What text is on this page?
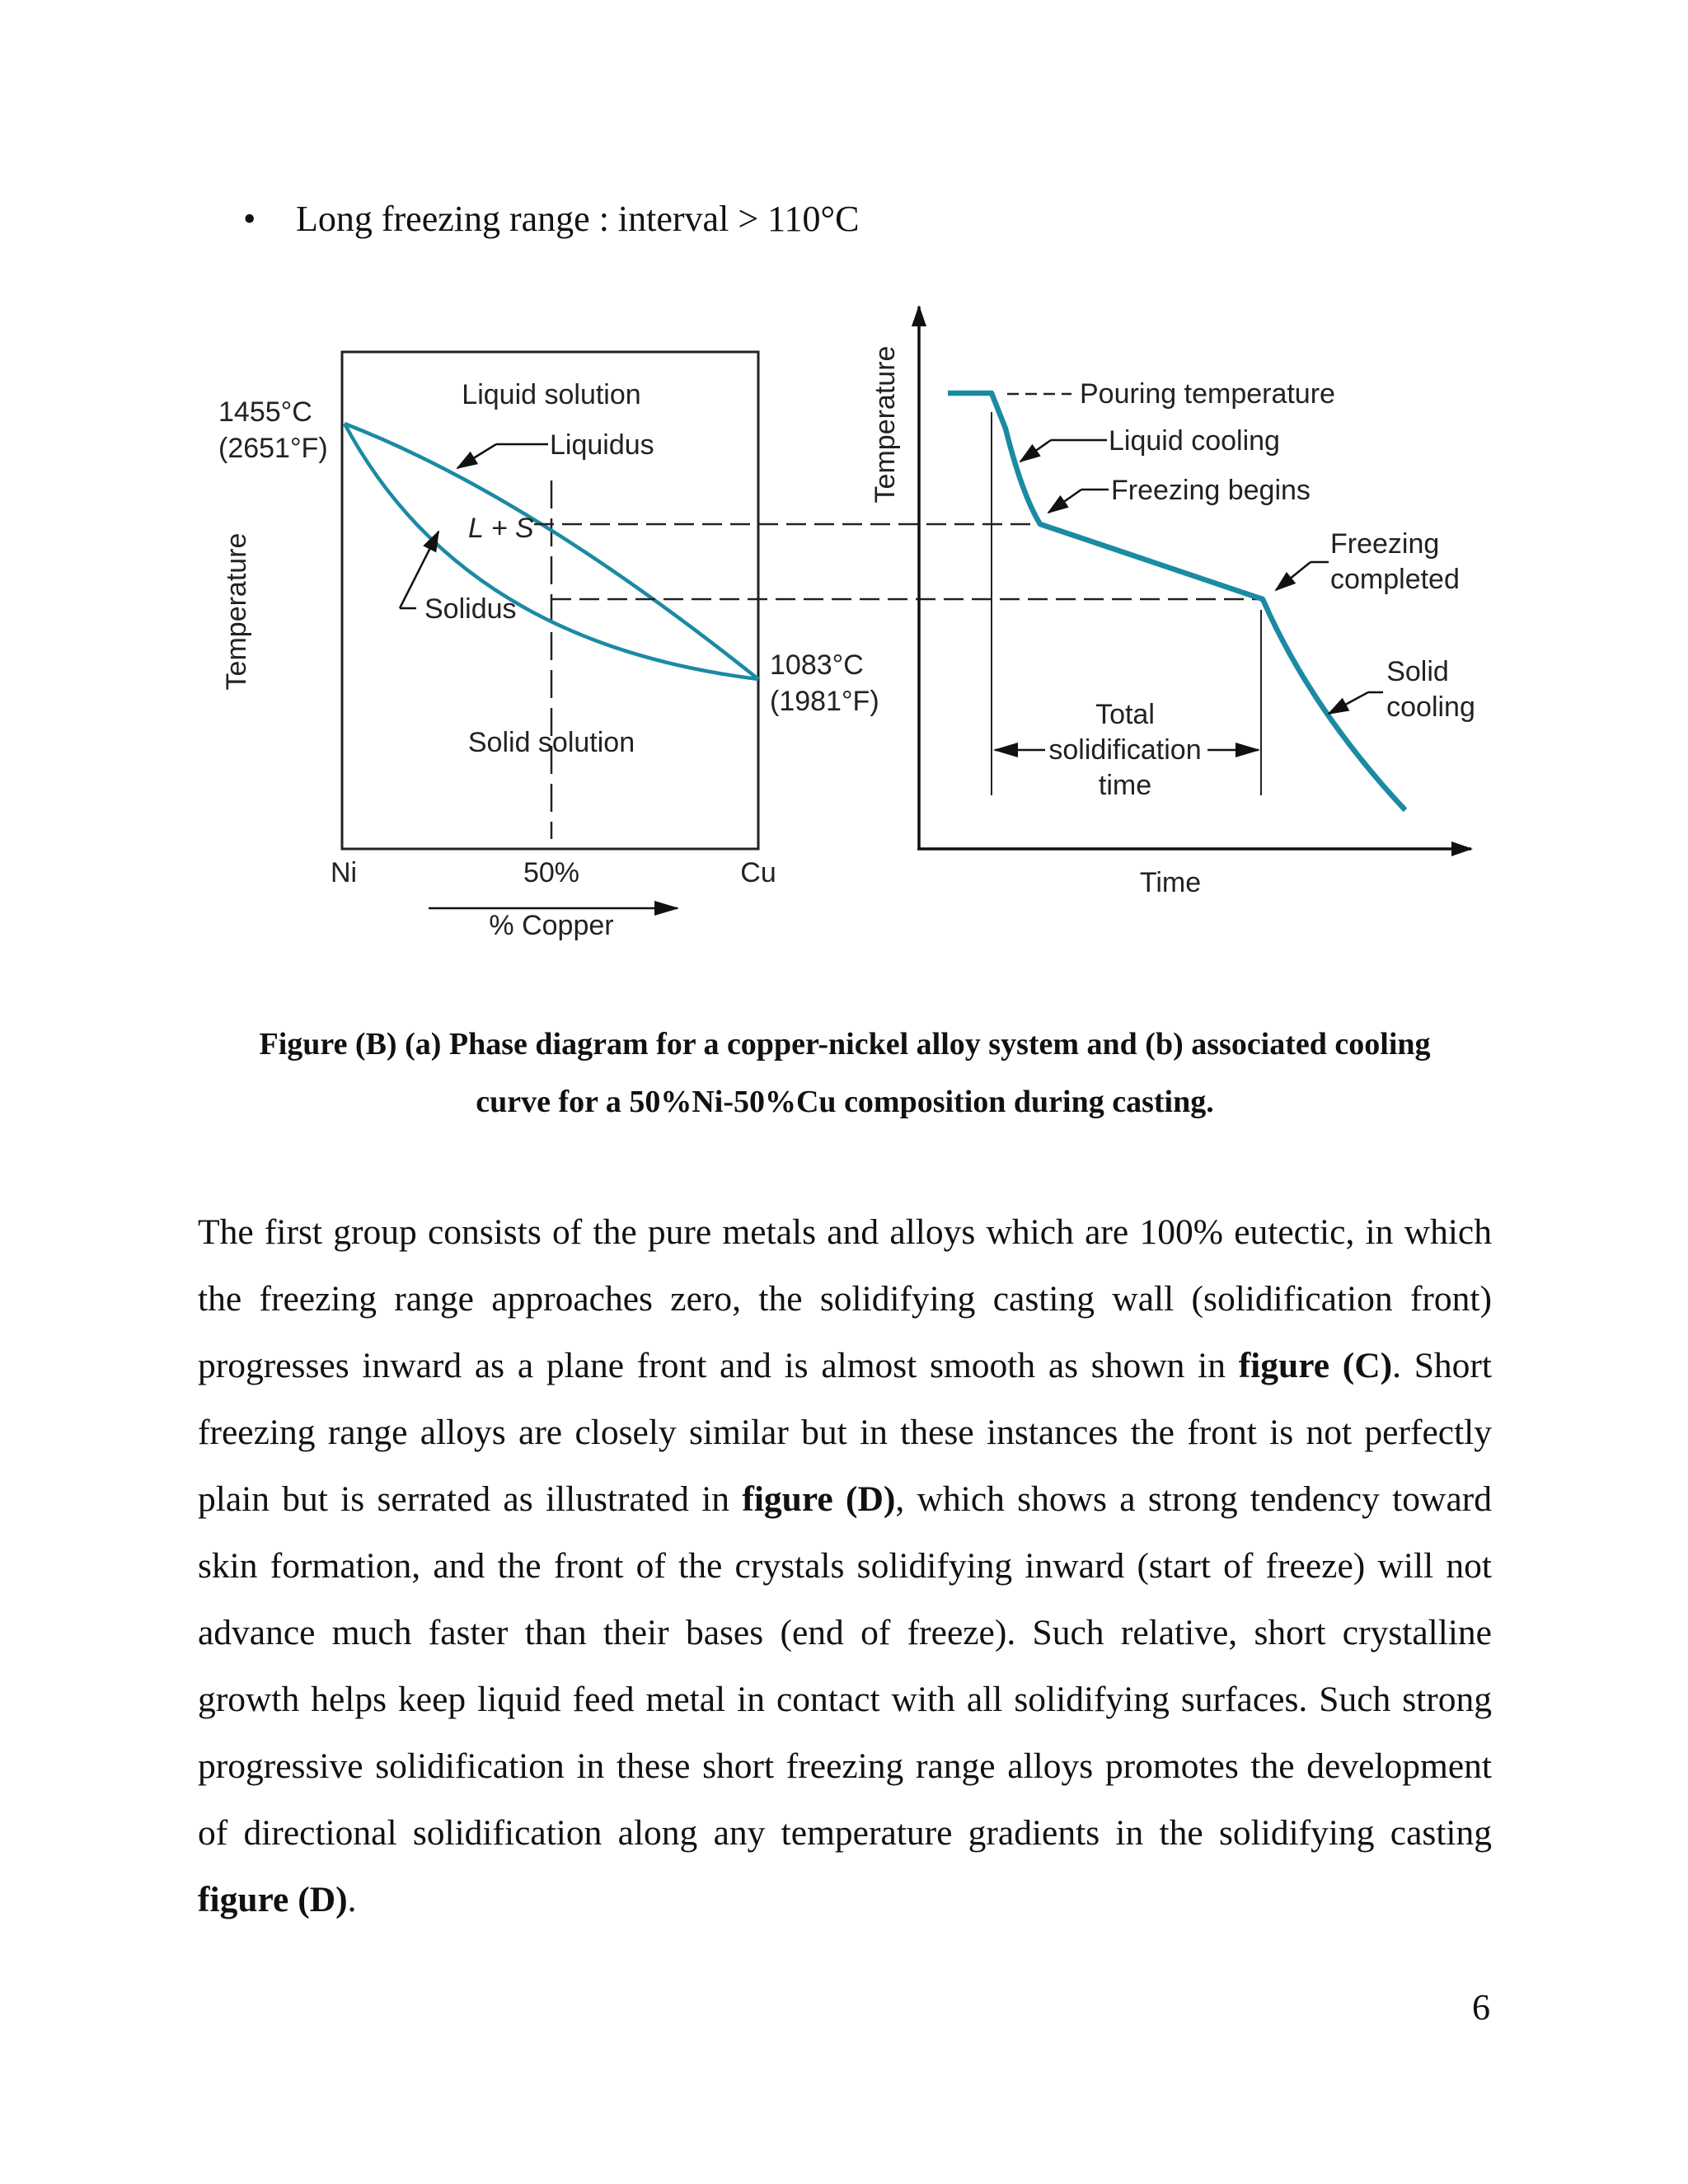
• Long freezing range : interval > 110°C
1455°C
(2651°F)
Temperature
Liquid solution
Liquidus
L + S
Solidus
Solid solution
1083°C
(1981°F)
Ni	50%	Cu
% Copper
Temperature
Time
Pouring temperature
Liquid cooling
Freezing begins
Freezing
completed
Solid
cooling
Total
solidification
time
Figure (B) (a) Phase diagram for a copper-nickel alloy system and (b) associated cooling
curve for a 50%Ni-50%Cu composition during casting.
The first group consists of the pure metals and alloys which are 100% eutectic, in which the freezing range approaches zero, the solidifying casting wall (solidification front) progresses inward as a plane front and is almost smooth as shown in figure (C). Short freezing range alloys are closely similar but in these instances the front is not perfectly plain but is serrated as illustrated in figure (D), which shows a strong tendency toward skin formation, and the front of the crystals solidifying inward (start of freeze) will not advance much faster than their bases (end of freeze). Such relative, short crystalline growth helps keep liquid feed metal in contact with all solidifying surfaces. Such strong progressive solidification in these short freezing range alloys promotes the development of directional solidification along any temperature gradients in the solidifying casting figure (D).
6
